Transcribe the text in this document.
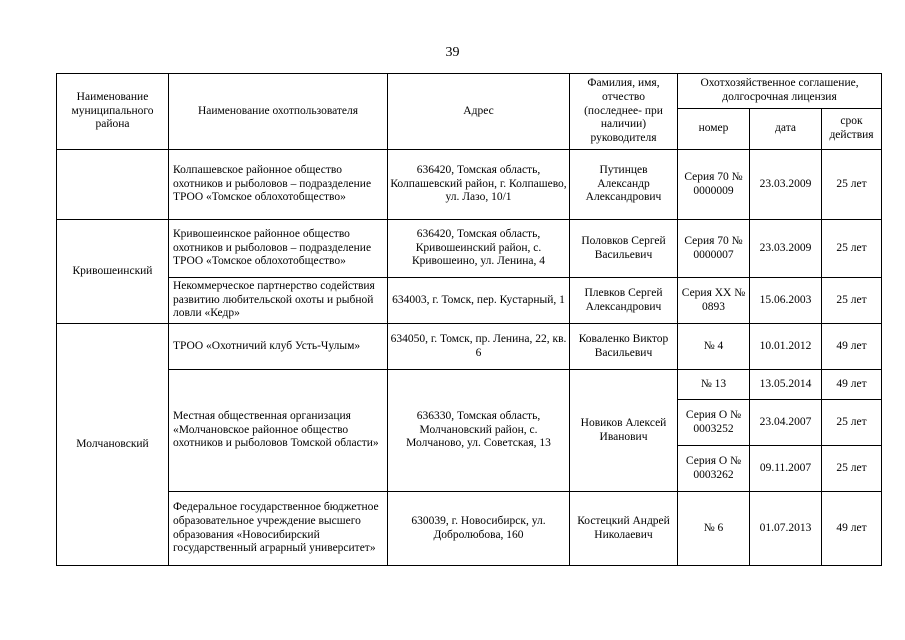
39
Наименование муниципального района	Наименование охотпользователя	Адрес	Фамилия, имя, отчество (последнее- при наличии) руководителя	Охотхозяйственное соглашение, долгосрочная лицензия		
				номер	дата	срок действия
	Колпашевское районное общество охотников и рыболовов – подразделение ТРОО «Томское облохотобщество»	636420, Томская область, Колпашевский район, г. Колпашево, ул. Лазо, 10/1	Путинцев Александр Александрович	Серия 70 № 0000009	23.03.2009	25 лет
Кривошеинский	Кривошеинское районное общество охотников и рыболовов – подразделение ТРОО «Томское облохотобщество»	636420, Томская область, Кривошеинский район, с. Кривошеино, ул. Ленина, 4	Половков Сергей Васильевич	Серия 70 № 0000007	23.03.2009	25 лет
	Некоммерческое партнерство содействия развитию любительской охоты и рыбной ловли «Кедр»	634003, г. Томск, пер. Кустарный, 1	Плевков Сергей Александрович	Серия ХХ № 0893	15.06.2003	25 лет
Молчановский	ТРОО «Охотничий клуб Усть-Чулым»	634050, г. Томск, пр. Ленина, 22, кв. 6	Коваленко Виктор Васильевич	№ 4	10.01.2012	49 лет
	Местная общественная организация «Молчановское районное общество охотников и рыболовов Томской области»	636330, Томская область, Молчановский район, с. Молчаново, ул. Советская, 13	Новиков Алексей Иванович	№ 13	13.05.2014	49 лет
				Серия О № 0003252	23.04.2007	25 лет
				Серия О № 0003262	09.11.2007	25 лет
	Федеральное государственное бюджетное образовательное учреждение высшего образования «Новосибирский государственный аграрный университет»	630039, г. Новосибирск, ул. Добролюбова, 160	Костецкий Андрей Николаевич	№ 6	01.07.2013	49 лет
